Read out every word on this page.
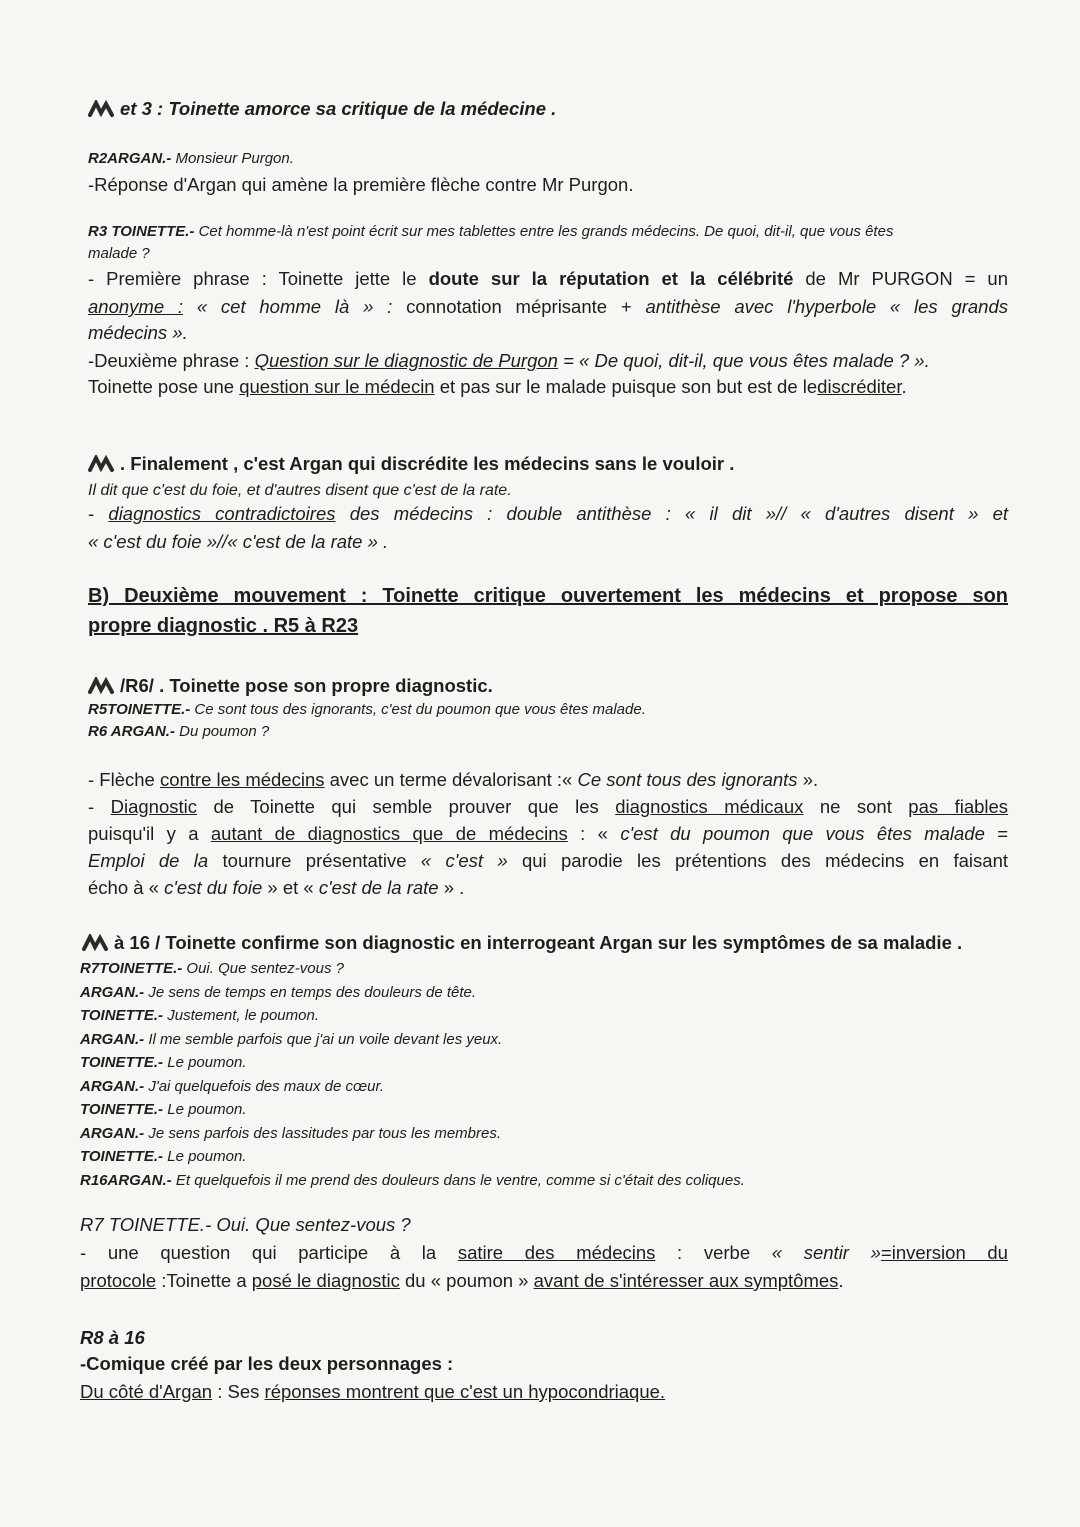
et 3 : Toinette amorce sa critique de la médecine .
R2ARGAN.- Monsieur Purgon.
-Réponse d'Argan qui amène la première flèche contre Mr Purgon.
R3 TOINETTE.- Cet homme-là n'est point écrit sur mes tablettes entre les grands médecins. De quoi, dit-il, que vous êtes
malade ?
- Première phrase : Toinette jette le doute sur la réputation et la célébrité de Mr PURGON = un
anonyme : « cet homme là » : connotation méprisante + antithèse avec l'hyperbole « les grands
médecins ».
-Deuxième phrase : Question sur le diagnostic de Purgon = « De quoi, dit-il, que vous êtes malade ? ».
Toinette pose une question sur le médecin et pas sur le malade puisque son but est de lediscréditer.
. Finalement , c'est Argan qui discrédite les médecins sans le vouloir .
Il dit que c'est du foie, et d'autres disent que c'est de la rate.
- diagnostics contradictoires des médecins : double antithèse : « il dit »// « d'autres disent » et
« c'est du foie »//« c'est de la rate » .
B) Deuxième mouvement : Toinette critique ouvertement les médecins et propose son
propre diagnostic . R5 à R23
/R6/ . Toinette pose son propre diagnostic.
R5TOINETTE.- Ce sont tous des ignorants, c'est du poumon que vous êtes malade.
R6 ARGAN.- Du poumon ?
- Flèche contre les médecins avec un terme dévalorisant :« Ce sont tous des ignorants ».
- Diagnostic de Toinette qui semble prouver que les diagnostics médicaux ne sont pas fiables
puisqu'il y a autant de diagnostics que de médecins : « c'est du poumon que vous êtes malade =
Emploi de la tournure présentative « c'est » qui parodie les prétentions des médecins en faisant
écho à « c'est du foie » et « c'est de la rate » .
à 16 / Toinette confirme son diagnostic en interrogeant Argan sur les symptômes de sa maladie .
R7TOINETTE.- Oui. Que sentez-vous ?
ARGAN.- Je sens de temps en temps des douleurs de tête.
TOINETTE.- Justement, le poumon.
ARGAN.- Il me semble parfois que j'ai un voile devant les yeux.
TOINETTE.- Le poumon.
ARGAN.- J'ai quelquefois des maux de cœur.
TOINETTE.- Le poumon.
ARGAN.- Je sens parfois des lassitudes par tous les membres.
TOINETTE.- Le poumon.
R16ARGAN.- Et quelquefois il me prend des douleurs dans le ventre, comme si c'était des coliques.
R7 TOINETTE.- Oui. Que sentez-vous ?
- une question qui participe à la satire des médecins : verbe « sentir »=inversion du
protocole :Toinette a posé le diagnostic du « poumon » avant de s'intéresser aux symptômes.
R8 à 16
-Comique créé par les deux personnages :
Du côté d'Argan : Ses réponses montrent que c'est un hypocondriaque.
